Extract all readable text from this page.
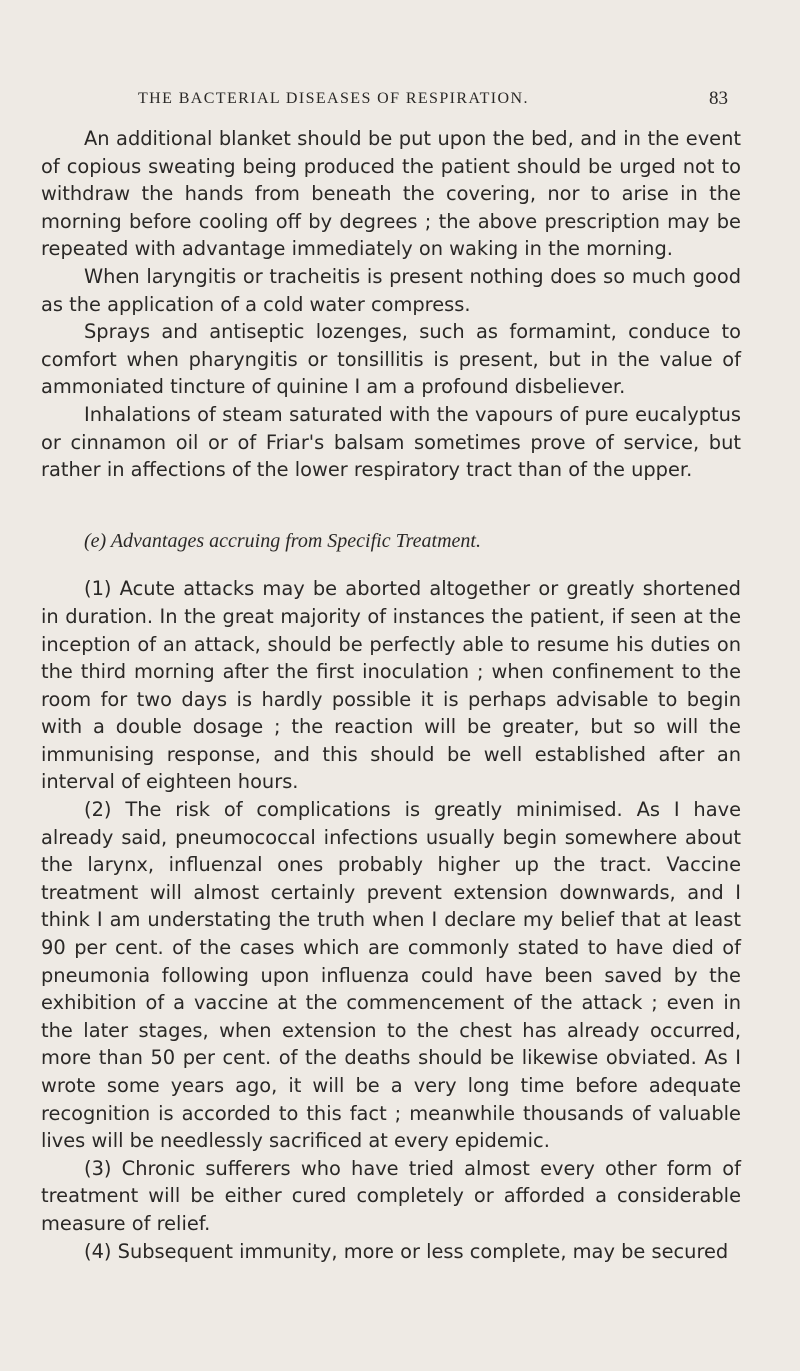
THE BACTERIAL DISEASES OF RESPIRATION.	83

An additional blanket should be put upon the bed, and in the event of copious sweating being produced the patient should be urged not to withdraw the hands from beneath the covering, nor to arise in the morning before cooling off by degrees ; the above prescription may be repeated with advantage immediately on waking in the morning.

When laryngitis or tracheitis is present nothing does so much good as the application of a cold water compress.

Sprays and antiseptic lozenges, such as formamint, conduce to comfort when pharyngitis or tonsillitis is present, but in the value of ammoniated tincture of quinine I am a profound disbeliever.

Inhalations of steam saturated with the vapours of pure eucalyptus or cinnamon oil or of Friar's balsam sometimes prove of service, but rather in affections of the lower respiratory tract than of the upper.

(e) Advantages accruing from Specific Treatment.

(1) Acute attacks may be aborted altogether or greatly shortened in duration. In the great majority of instances the patient, if seen at the inception of an attack, should be perfectly able to resume his duties on the third morning after the first inoculation ; when confinement to the room for two days is hardly possible it is perhaps advisable to begin with a double dosage ; the reaction will be greater, but so will the immunising response, and this should be well established after an interval of eighteen hours.

(2) The risk of complications is greatly minimised. As I have already said, pneumococcal infections usually begin somewhere about the larynx, influenzal ones probably higher up the tract. Vaccine treatment will almost certainly prevent extension downwards, and I think I am understating the truth when I declare my belief that at least 90 per cent. of the cases which are commonly stated to have died of pneumonia following upon influenza could have been saved by the exhibition of a vaccine at the commencement of the attack ; even in the later stages, when extension to the chest has already occurred, more than 50 per cent. of the deaths should be likewise obviated. As I wrote some years ago, it will be a very long time before adequate recognition is accorded to this fact ; meanwhile thousands of valuable lives will be needlessly sacrificed at every epidemic.

(3) Chronic sufferers who have tried almost every other form of treatment will be either cured completely or afforded a considerable measure of relief.

(4) Subsequent immunity, more or less complete, may be secured
